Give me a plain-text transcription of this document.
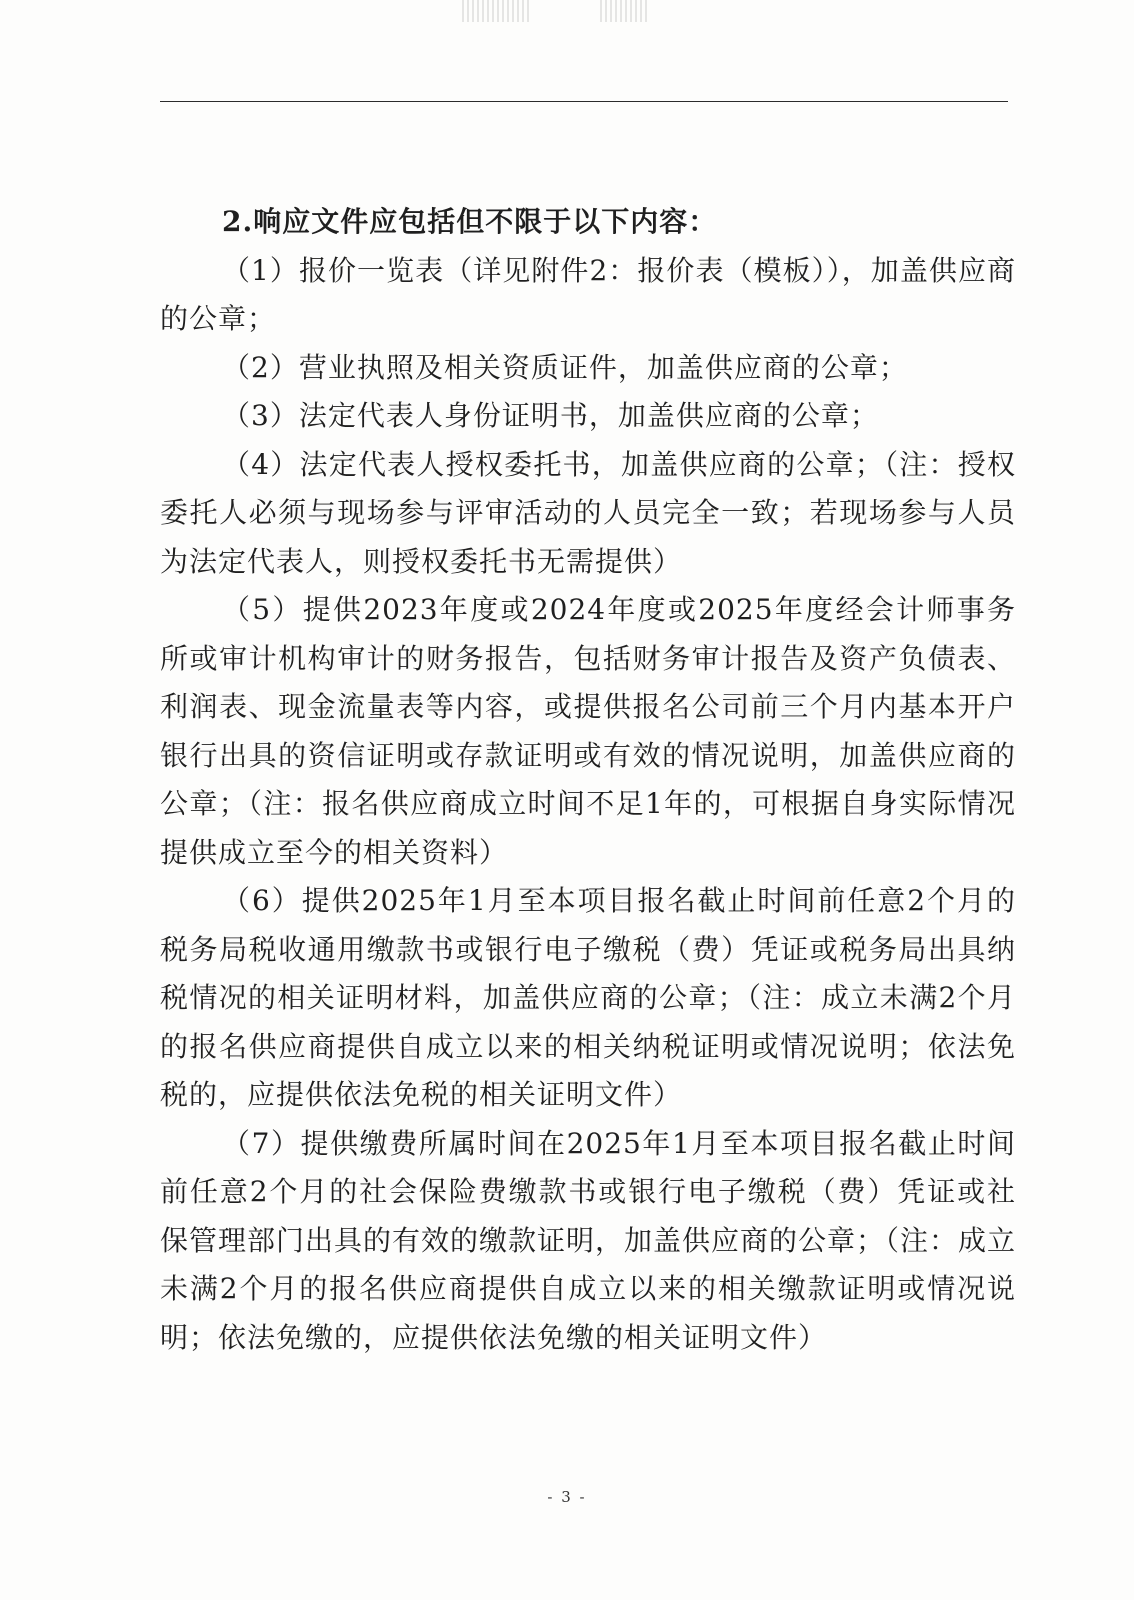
2.响应文件应包括但不限于以下内容：

（1）报价一览表（详见附件2：报价表（模板）），加盖供应商的公章；

（2）营业执照及相关资质证件，加盖供应商的公章；

（3）法定代表人身份证明书，加盖供应商的公章；

（4）法定代表人授权委托书，加盖供应商的公章；（注：授权委托人必须与现场参与评审活动的人员完全一致；若现场参与人员为法定代表人，则授权委托书无需提供）

（5）提供2023年度或2024年度或2025年度经会计师事务所或审计机构审计的财务报告，包括财务审计报告及资产负债表、利润表、现金流量表等内容，或提供报名公司前三个月内基本开户银行出具的资信证明或存款证明或有效的情况说明，加盖供应商的公章；（注：报名供应商成立时间不足1年的，可根据自身实际情况提供成立至今的相关资料）

（6）提供2025年1月至本项目报名截止时间前任意2个月的税务局税收通用缴款书或银行电子缴税（费）凭证或税务局出具纳税情况的相关证明材料，加盖供应商的公章；（注：成立未满2个月的报名供应商提供自成立以来的相关纳税证明或情况说明；依法免税的，应提供依法免税的相关证明文件）

（7）提供缴费所属时间在2025年1月至本项目报名截止时间前任意2个月的社会保险费缴款书或银行电子缴税（费）凭证或社保管理部门出具的有效的缴款证明，加盖供应商的公章；（注：成立未满2个月的报名供应商提供自成立以来的相关缴款证明或情况说明；依法免缴的，应提供依法免缴的相关证明文件）

- 3 -
